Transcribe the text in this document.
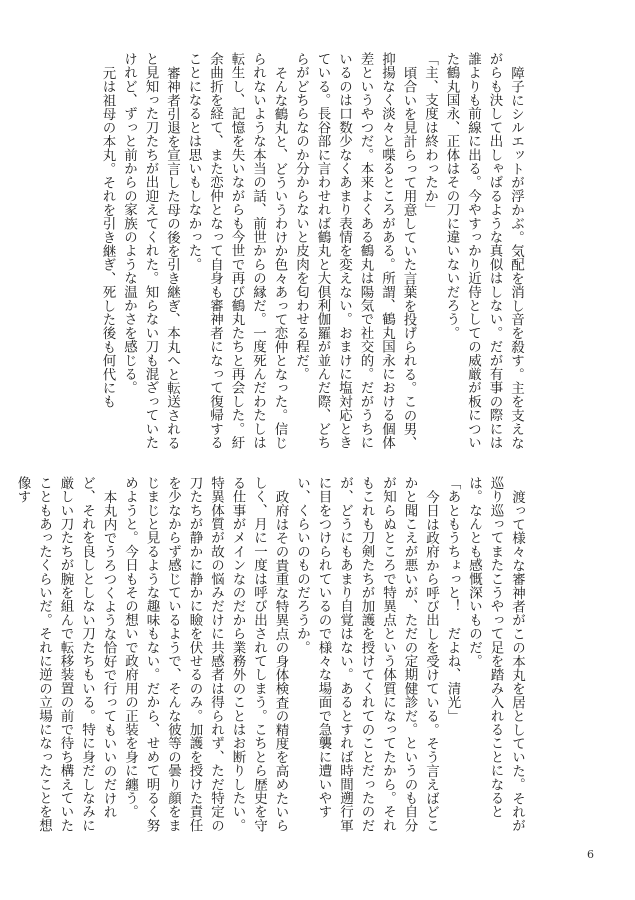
障子にシルエットが浮かぶ。気配を消し音を殺す。主を支えながらも決して出しゃばるような真似はしない。だが有事の際には誰よりも前線に出る。今やすっかり近侍としての威厳が板についた鶴丸国永、正体はその刀に違いないだろう。

「主、支度は終わったか」

頃合いを見計らって用意していた言葉を投げられる。この男、抑揚なく淡々と喋るところがある。所謂、鶴丸国永における個体差というやつだ。本来よくある鶴丸は陽気で社交的。だがうちにいるのは口数少なくあまり表情を変えない。おまけに塩対応ときている。長谷部に言わせれば鶴丸と大倶利伽羅が並んだ際、どちらがどちらなのか分からないと皮肉を匂わせる程だ。

そんな鶴丸と、どういうわけか色々あって恋仲となった。信じられないような本当の話、前世からの縁だ。一度死んだわたしは転生し、記憶を失いながらも今世で再び鶴丸たちと再会した。紆余曲折を経て、また恋仲となって自身も審神者になって復帰することになるとは思いもしなかった。

審神者引退を宣言した母の後を引き継ぎ、本丸へと転送されると見知った刀たちが出迎えてくれた。知らない刀も混ざっていたけれど、ずっと前からの家族のような温かさを感じる。

元は祖母の本丸。それを引き継ぎ、死した後も何代にも

渡って様々な審神者がこの本丸を居としていた。それが巡り巡ってまたこうやって足を踏み入れることになるとは。なんとも感慨深いものだ。

「あともうちょっと！　だよね、清光」

今日は政府から呼び出しを受けている。そう言えばどこかと聞こえが悪いが、ただの定期健診だ。というのも自分が知らぬところで特異点という体質になってたから。それもこれも刀剣たちが加護を授けてくれてのことだったのだが、どうにもあまり自覚はない。あるとすれば時間遡行軍に目をつけられているので様々な場面で急襲に遭いやすい、くらいのものだろうか。

政府はその貴重な特異点の身体検査の精度を高めたいらしく、月に一度は呼び出されてしまう。こちとら歴史を守る仕事がメインなのだから業務外のことはお断りしたい。特異体質が故の悩みだけに共感者は得られず、ただ特定の刀たちが静かに静かに瞼を伏せるのみ。加護を授けた責任を少なからず感じているようで、そんな彼等の曇り顔をまじまじと見るような趣味もない。だから、せめて明るく努めようと。今日もその想いで政府用の正装を身に纏う。

本丸内でうろつくような恰好で行ってもいいのだけれど、それを良しとしない刀たちもいる。特に身だしなみに厳しい刀たちが腕を組んで転移装置の前で待ち構えていたこともあったくらいだ。それに逆の立場になったことを想像す

6
